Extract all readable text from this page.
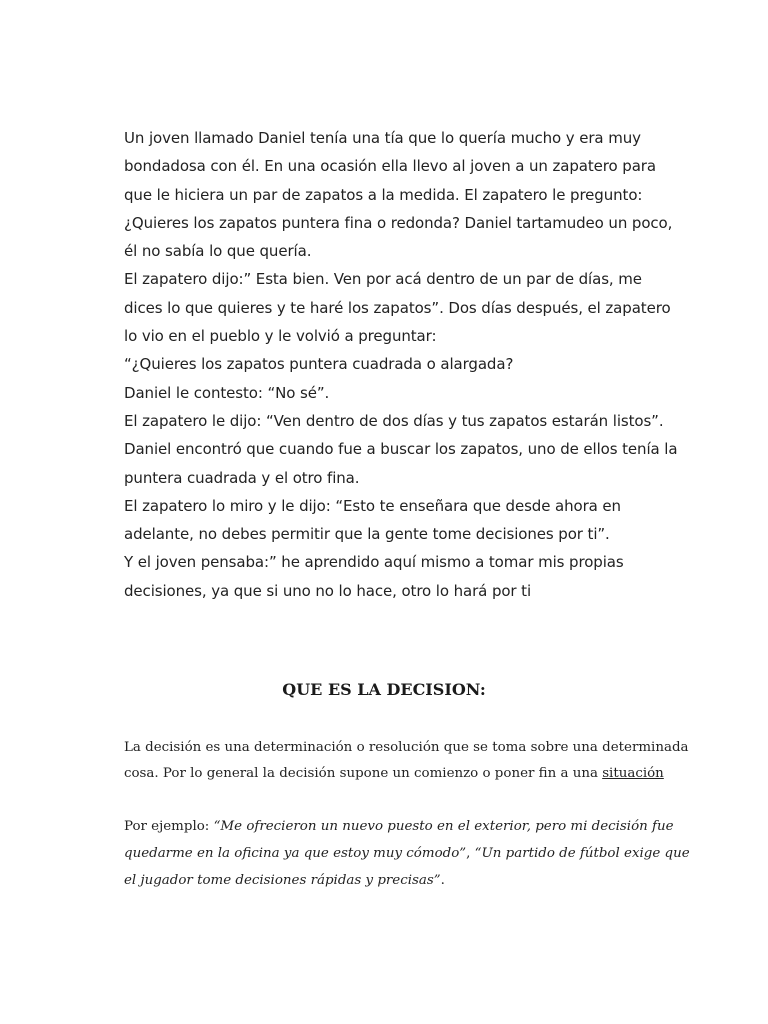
Un joven llamado Daniel tenía una tía que lo quería mucho y era muy
bondadosa con él. En una ocasión ella llevo al joven a un zapatero para
que le hiciera un par de zapatos a la medida. El zapatero le pregunto:
¿Quieres los zapatos puntera fina o redonda? Daniel tartamudeo un poco,
él no sabía lo que quería.
El zapatero dijo:” Esta bien. Ven por acá dentro de un par de días, me
dices lo que quieres y te haré los zapatos”. Dos días después, el zapatero
lo vio en el pueblo y le volvió a preguntar:
“¿Quieres los zapatos puntera cuadrada o alargada?
Daniel le contesto: “No sé”.
El zapatero le dijo: “Ven dentro de dos días y tus zapatos estarán listos”.
Daniel encontró que cuando fue a buscar los zapatos, uno de ellos tenía la
puntera cuadrada y el otro fina.
El zapatero lo miro y le dijo: “Esto te enseñara que desde ahora en
adelante, no debes permitir que la gente tome decisiones por ti”.
Y el joven pensaba:” he aprendido aquí mismo a tomar mis propias
decisiones, ya que si uno no lo hace, otro lo hará por ti
QUE ES LA DECISION:
La decisión es una determinación o resolución que se toma sobre una determinada
cosa. Por lo general la decisión supone un comienzo o poner fin a una situación
Por ejemplo: “Me ofrecieron un nuevo puesto en el exterior, pero mi decisión fue
quedarme en la oficina ya que estoy muy cómodo”, “Un partido de fútbol exige que
el jugador tome decisiones rápidas y precisas”.
